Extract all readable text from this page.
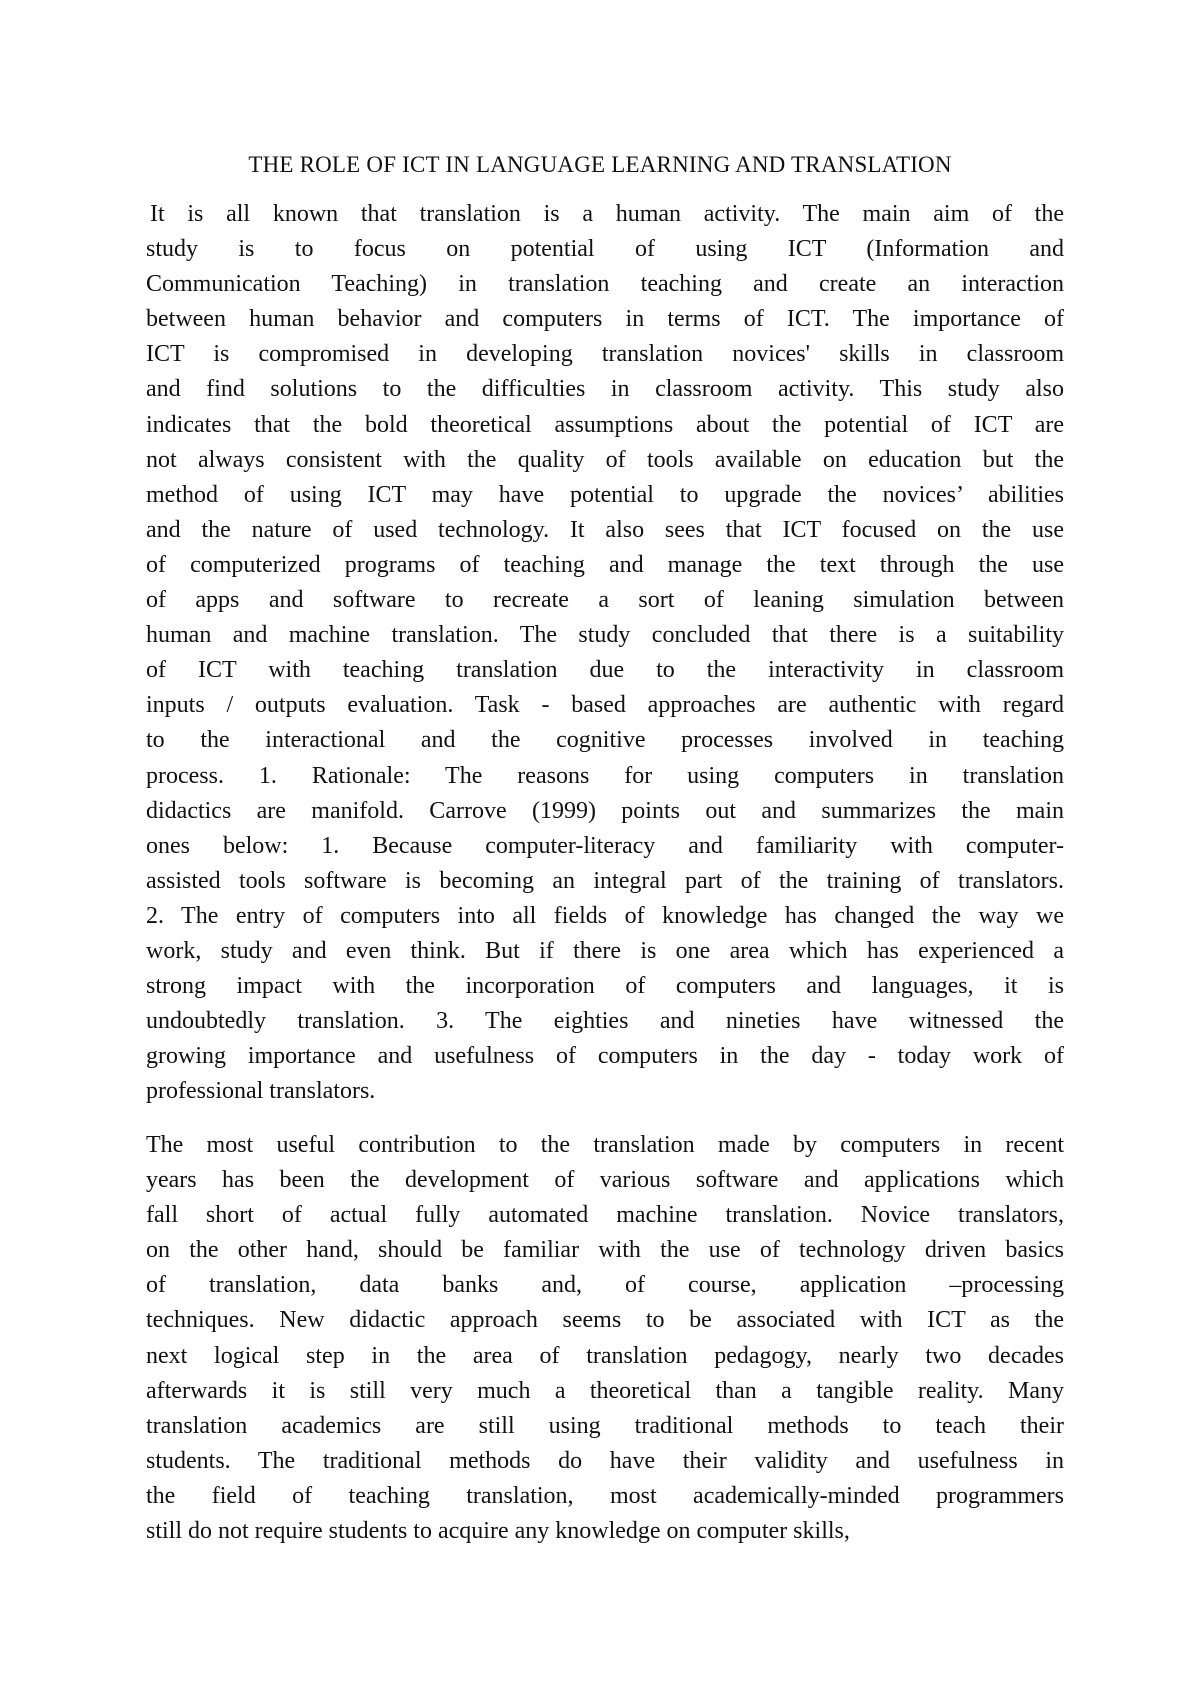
THE ROLE OF ICT IN LANGUAGE LEARNING AND TRANSLATION
It is all known that translation is a human activity. The main aim of the
study is to focus on potential of using ICT (Information and
Communication Teaching) in translation teaching and create an interaction
between human behavior and computers in terms of ICT. The importance of
ICT is compromised in developing translation novices' skills in classroom
and find solutions to the difficulties in classroom activity. This study also
indicates that the bold theoretical assumptions about the potential of ICT are
not always consistent with the quality of tools available on education but the
method of using ICT may have potential to upgrade the novices’ abilities
and the nature of used technology. It also sees that ICT focused on the use
of computerized programs of teaching and manage the text through the use
of apps and software to recreate a sort of leaning simulation between
human and machine translation. The study concluded that there is a suitability
of ICT with teaching translation due to the interactivity in classroom
inputs / outputs evaluation. Task - based approaches are authentic with regard
to the interactional and the cognitive processes involved in teaching
process. 1. Rationale: The reasons for using computers in translation
didactics are manifold. Carrove (1999) points out and summarizes the main
ones below: 1. Because computer-literacy and familiarity with computer-
assisted tools software is becoming an integral part of the training of translators.
2. The entry of computers into all fields of knowledge has changed the way we
work, study and even think. But if there is one area which has experienced a
strong impact with the incorporation of computers and languages, it is
undoubtedly translation. 3. The eighties and nineties have witnessed the
growing importance and usefulness of computers in the day - today work of
professional translators.
The most useful contribution to the translation made by computers in recent
years has been the development of various software and applications which
fall short of actual fully automated machine translation. Novice translators,
on the other hand, should be familiar with the use of technology driven basics
of translation, data banks and, of course, application –processing
techniques. New didactic approach seems to be associated with ICT as the
next logical step in the area of translation pedagogy, nearly two decades
afterwards it is still very much a theoretical than a tangible reality. Many
translation academics are still using traditional methods to teach their
students. The traditional methods do have their validity and usefulness in
the field of teaching translation, most academically-minded programmers
still do not require students to acquire any knowledge on computer skills,
